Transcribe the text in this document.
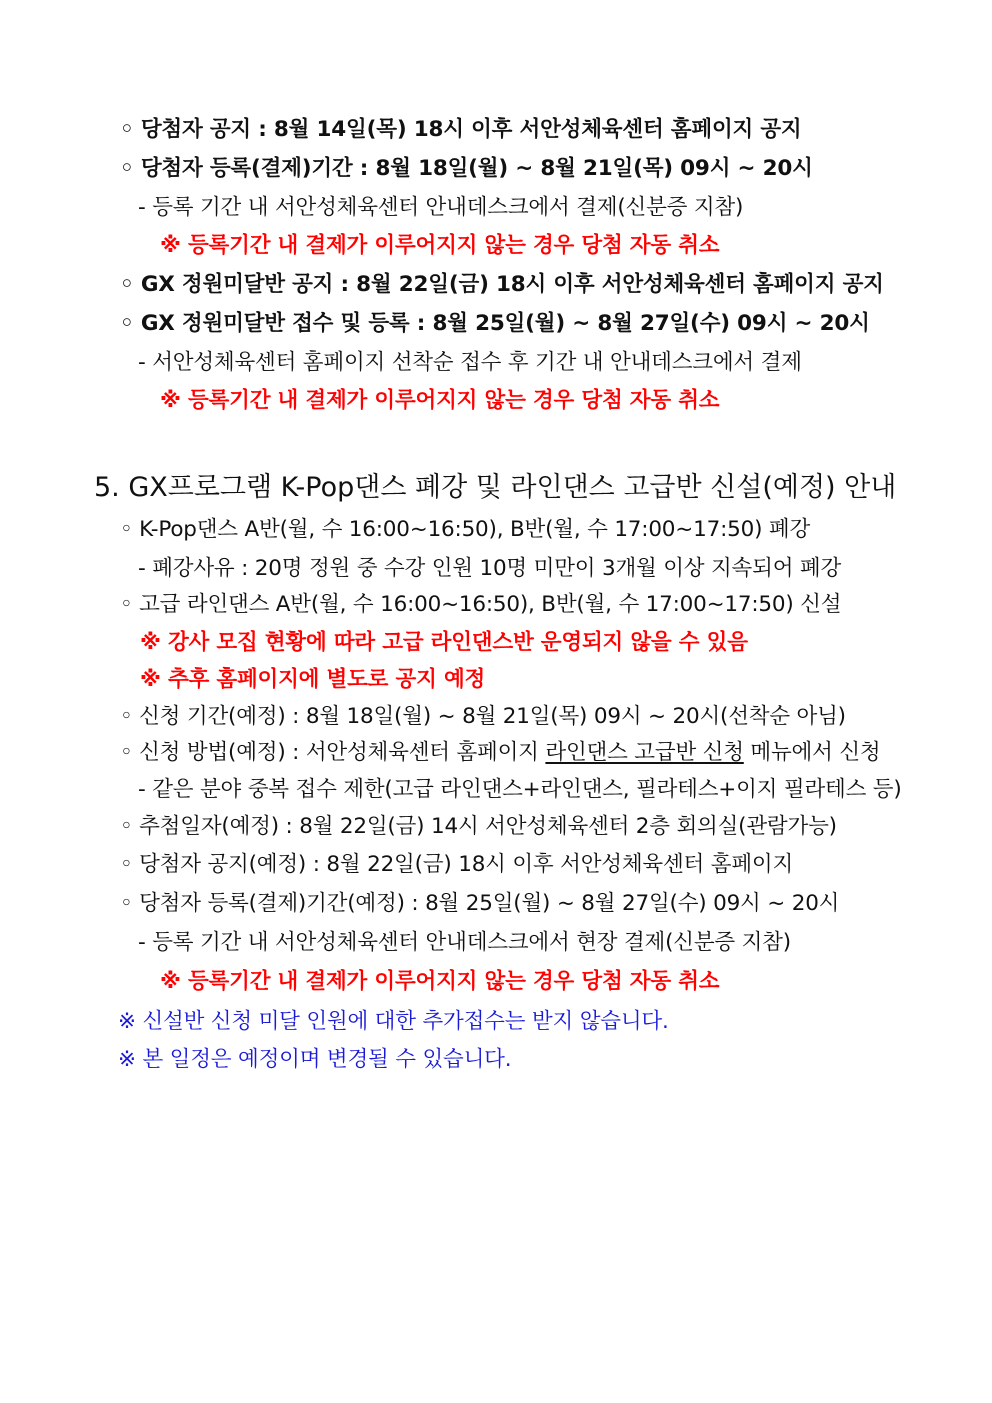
◦ 당첨자 공지 : 8월 14일(목) 18시 이후 서안성체육센터 홈페이지 공지
◦ 당첨자 등록(결제)기간 : 8월 18일(월) ~ 8월 21일(목) 09시 ~ 20시
- 등록 기간 내 서안성체육센터 안내데스크에서 결제(신분증 지참)
※ 등록기간 내 결제가 이루어지지 않는 경우 당첨 자동 취소
◦ GX 정원미달반 공지 : 8월 22일(금) 18시 이후 서안성체육센터 홈페이지 공지
◦ GX 정원미달반 접수 및 등록 : 8월 25일(월) ~ 8월 27일(수) 09시 ~ 20시
- 서안성체육센터 홈페이지 선착순 접수 후 기간 내 안내데스크에서 결제
※ 등록기간 내 결제가 이루어지지 않는 경우 당첨 자동 취소
5. GX프로그램 K-Pop댄스 폐강 및 라인댄스 고급반 신설(예정) 안내
◦ K-Pop댄스 A반(월, 수 16:00~16:50), B반(월, 수 17:00~17:50) 폐강
- 폐강사유 : 20명 정원 중 수강 인원 10명 미만이 3개월 이상 지속되어 폐강
◦ 고급 라인댄스 A반(월, 수 16:00~16:50), B반(월, 수 17:00~17:50) 신설
※ 강사 모집 현황에 따라 고급 라인댄스반 운영되지 않을 수 있음
※ 추후 홈페이지에 별도로 공지 예정
◦ 신청 기간(예정) : 8월 18일(월) ~ 8월 21일(목) 09시 ~ 20시(선착순 아님)
◦ 신청 방법(예정) : 서안성체육센터 홈페이지 라인댄스 고급반 신청 메뉴에서 신청
- 같은 분야 중복 접수 제한(고급 라인댄스+라인댄스, 필라테스+이지 필라테스 등)
◦ 추첨일자(예정) : 8월 22일(금) 14시 서안성체육센터 2층 회의실(관람가능)
◦ 당첨자 공지(예정) : 8월 22일(금) 18시 이후 서안성체육센터 홈페이지
◦ 당첨자 등록(결제)기간(예정) : 8월 25일(월) ~ 8월 27일(수) 09시 ~ 20시
- 등록 기간 내 서안성체육센터 안내데스크에서 현장 결제(신분증 지참)
※ 등록기간 내 결제가 이루어지지 않는 경우 당첨 자동 취소
※ 신설반 신청 미달 인원에 대한 추가접수는 받지 않습니다.
※ 본 일정은 예정이며 변경될 수 있습니다.
